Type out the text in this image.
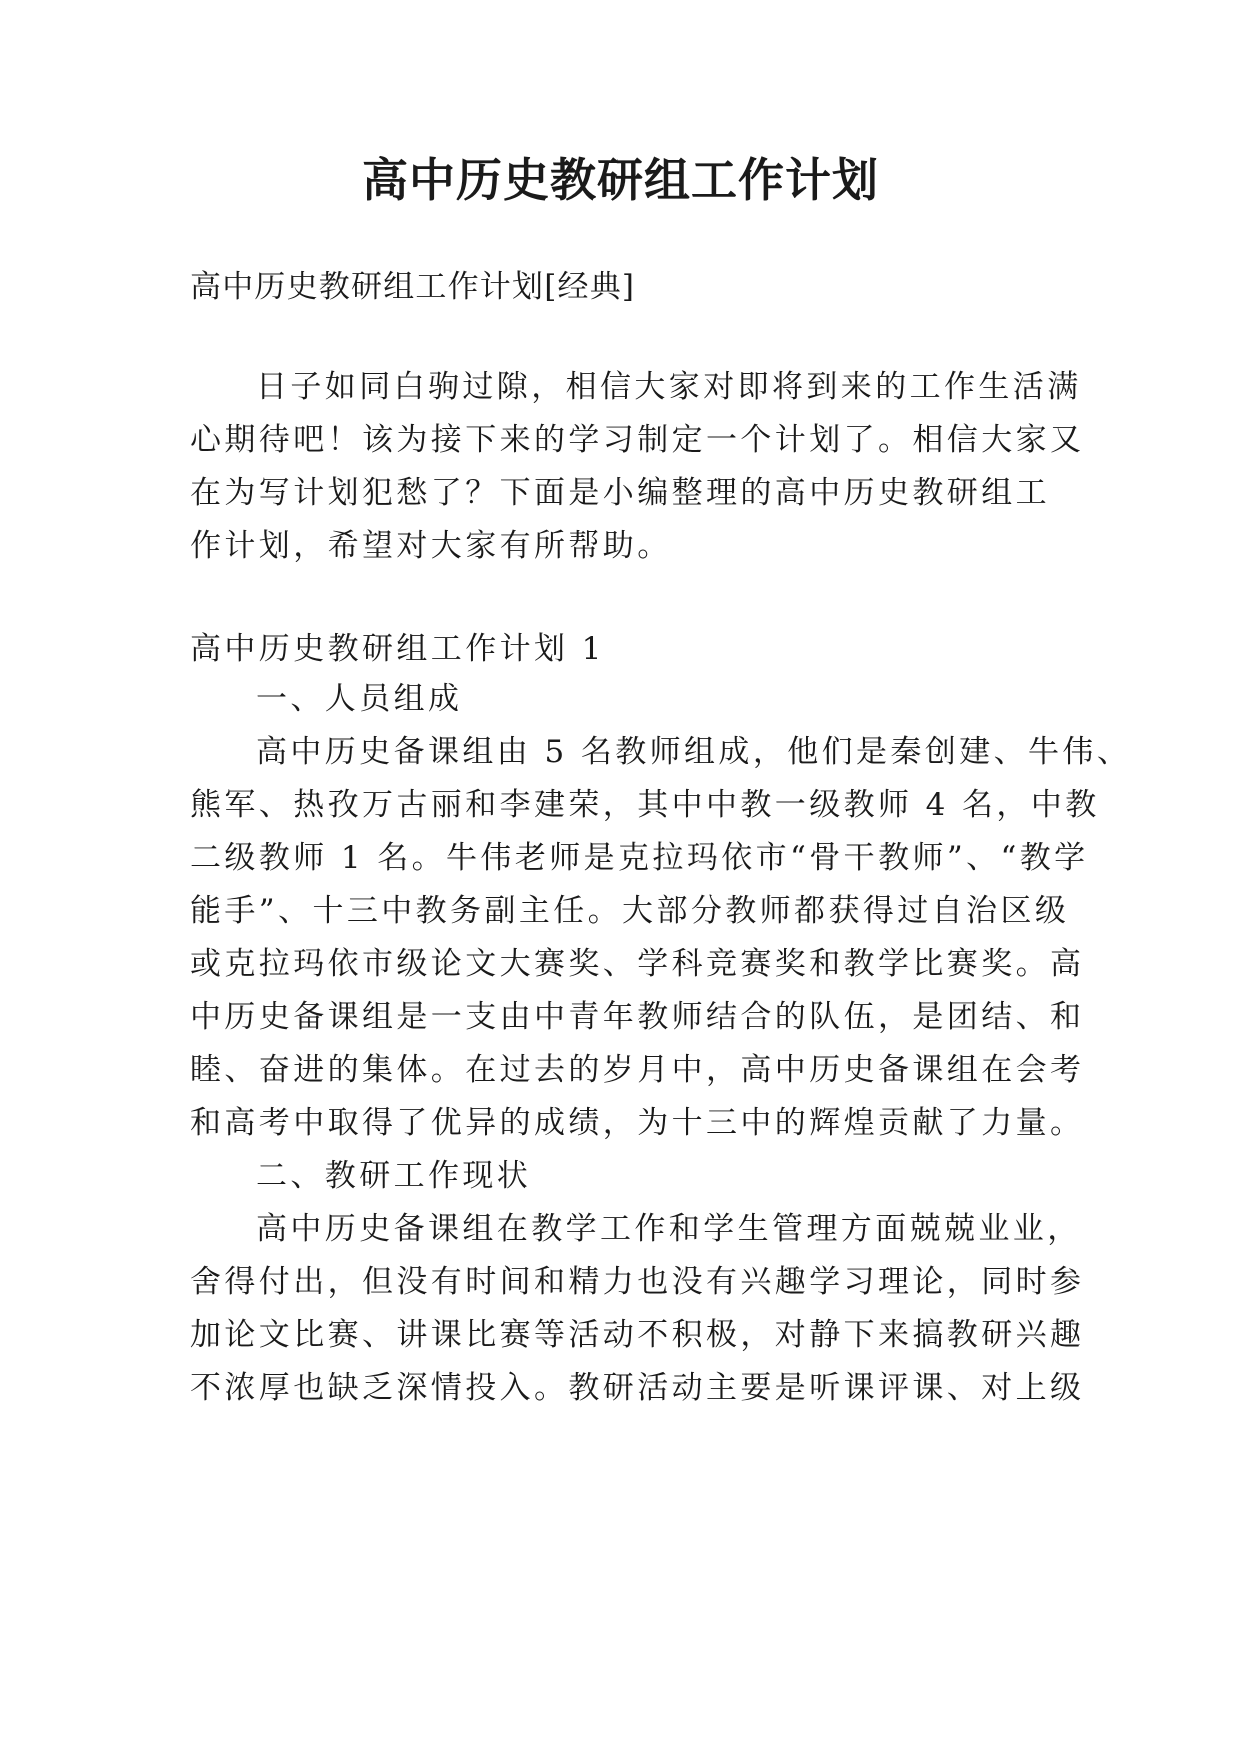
高中历史教研组工作计划
高中历史教研组工作计划[经典]
日子如同白驹过隙，相信大家对即将到来的工作生活满
心期待吧！该为接下来的学习制定一个计划了。相信大家又
在为写计划犯愁了？下面是小编整理的高中历史教研组工
作计划，希望对大家有所帮助。
高中历史教研组工作计划 1
一、人员组成
高中历史备课组由 5 名教师组成，他们是秦创建、牛伟、
熊军、热孜万古丽和李建荣，其中中教一级教师 4 名，中教
二级教师 1 名。牛伟老师是克拉玛依市“骨干教师”、“教学
能手”、十三中教务副主任。大部分教师都获得过自治区级
或克拉玛依市级论文大赛奖、学科竞赛奖和教学比赛奖。高
中历史备课组是一支由中青年教师结合的队伍，是团结、和
睦、奋进的集体。在过去的岁月中，高中历史备课组在会考
和高考中取得了优异的成绩，为十三中的辉煌贡献了力量。
二、教研工作现状
高中历史备课组在教学工作和学生管理方面兢兢业业，
舍得付出，但没有时间和精力也没有兴趣学习理论，同时参
加论文比赛、讲课比赛等活动不积极，对静下来搞教研兴趣
不浓厚也缺乏深情投入。教研活动主要是听课评课、对上级
